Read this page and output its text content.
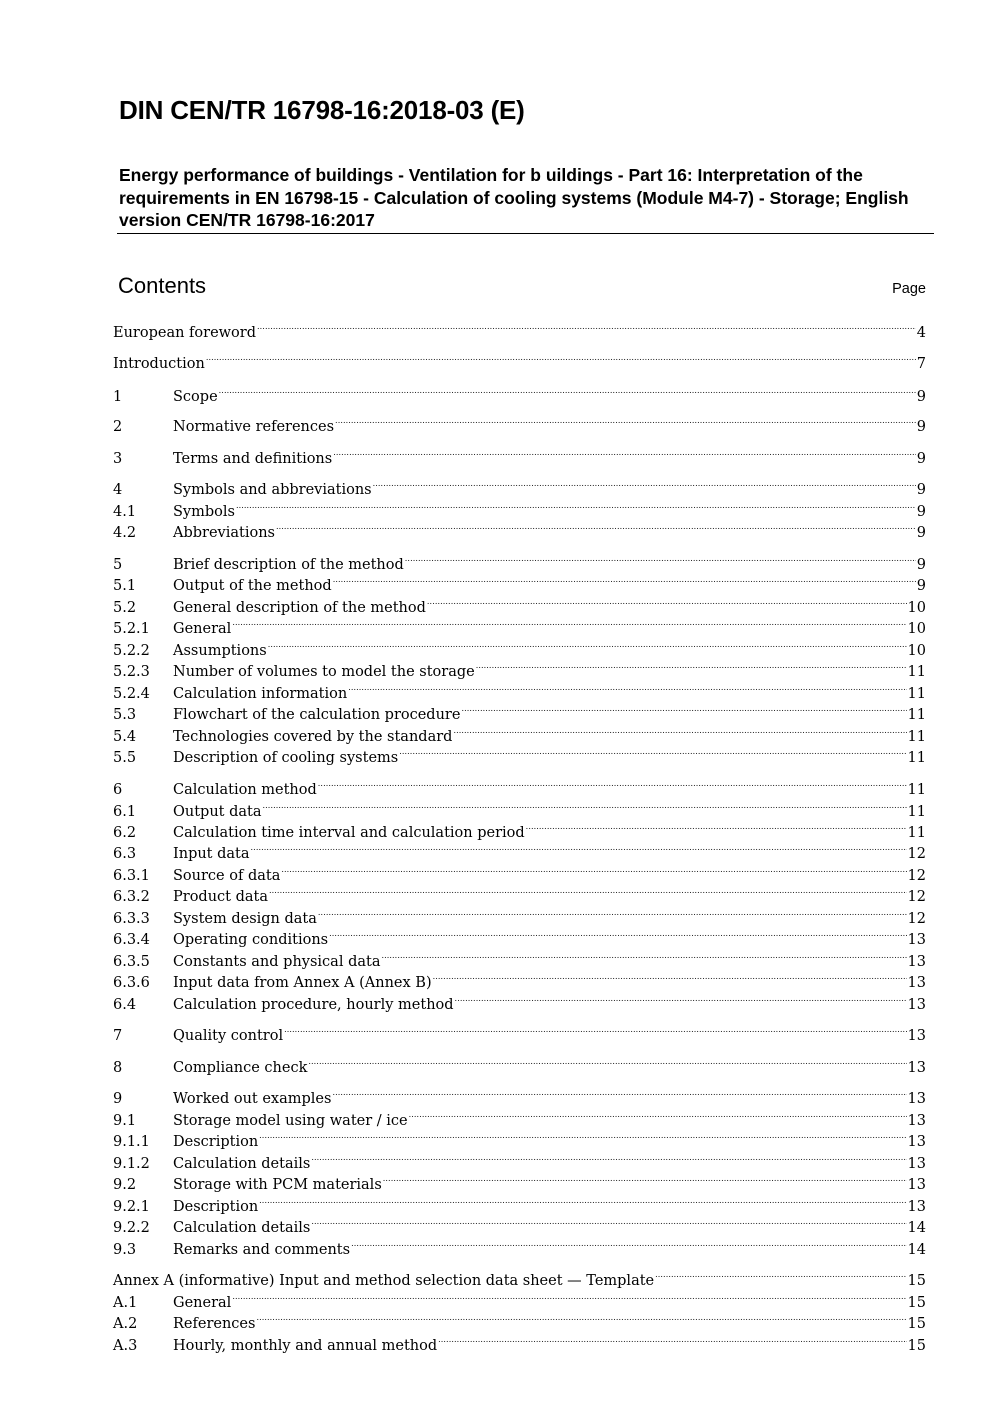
DIN CEN/TR 16798-16:2018-03 (E)
Energy performance of buildings - Ventilation for b uildings - Part 16: Interpretation of the requirements in EN 16798-15 - Calculation of cooling systems (Module M4-7) - Storage; English version CEN/TR 16798-16:2017
Contents	Page
European foreword .....	4
Introduction .....	7
1	Scope .....	9
2	Normative references .....	9
3	Terms and definitions .....	9
4	Symbols and abbreviations .....	9
4.1	Symbols .....	9
4.2	Abbreviations .....	9
5	Brief description of the method .....	9
5.1	Output of the method .....	9
5.2	General description of the method .....	10
5.2.1	General .....	10
5.2.2	Assumptions .....	10
5.2.3	Number of volumes to model the storage .....	11
5.2.4	Calculation information .....	11
5.3	Flowchart of the calculation procedure .....	11
5.4	Technologies covered by the standard .....	11
5.5	Description of cooling systems .....	11
6	Calculation method .....	11
6.1	Output data .....	11
6.2	Calculation time interval and calculation period .....	11
6.3	Input data .....	12
6.3.1	Source of data .....	12
6.3.2	Product data .....	12
6.3.3	System design data .....	12
6.3.4	Operating conditions .....	13
6.3.5	Constants and physical data .....	13
6.3.6	Input data from Annex A (Annex B) .....	13
6.4	Calculation procedure, hourly method .....	13
7	Quality control .....	13
8	Compliance check .....	13
9	Worked out examples .....	13
9.1	Storage model using water / ice .....	13
9.1.1	Description .....	13
9.1.2	Calculation details .....	13
9.2	Storage with PCM materials .....	13
9.2.1	Description .....	13
9.2.2	Calculation details .....	14
9.3	Remarks and comments .....	14
Annex A (informative) Input and method selection data sheet — Template .....	15
A.1	General .....	15
A.2	References .....	15
A.3	Hourly, monthly and annual method .....	15
